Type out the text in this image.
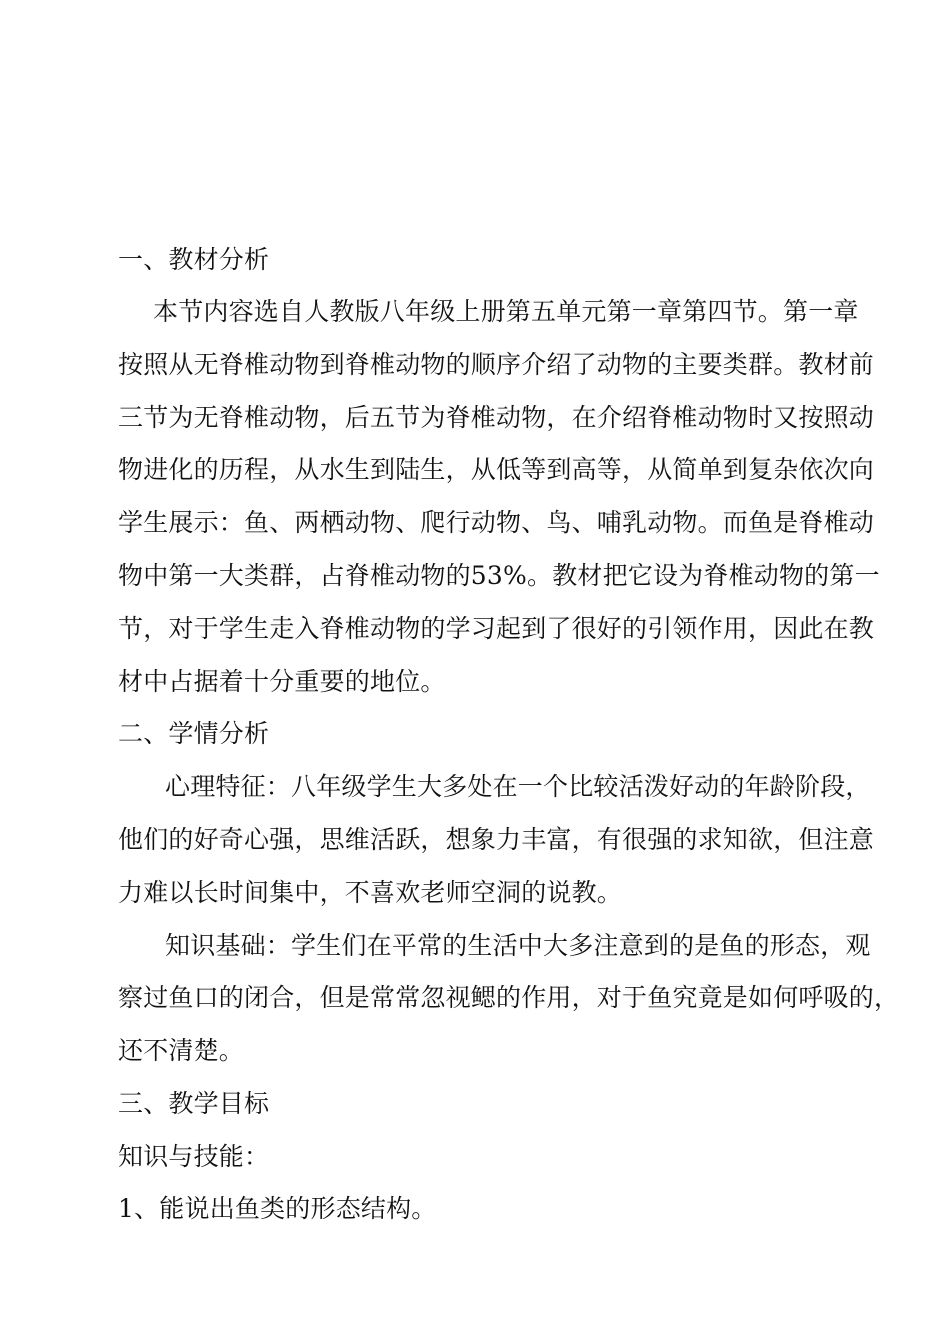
一、教材分析
本节内容选自人教版八年级上册第五单元第一章第四节。第一章
按照从无脊椎动物到脊椎动物的顺序介绍了动物的主要类群。教材前
三节为无脊椎动物，后五节为脊椎动物，在介绍脊椎动物时又按照动
物进化的历程，从水生到陆生，从低等到高等，从简单到复杂依次向
学生展示：鱼、两栖动物、爬行动物、鸟、哺乳动物。而鱼是脊椎动
物中第一大类群，占脊椎动物的53%。教材把它设为脊椎动物的第一
节，对于学生走入脊椎动物的学习起到了很好的引领作用，因此在教
材中占据着十分重要的地位。
二、学情分析
心理特征：八年级学生大多处在一个比较活泼好动的年龄阶段，
他们的好奇心强，思维活跃，想象力丰富，有很强的求知欲，但注意
力难以长时间集中，不喜欢老师空洞的说教。
知识基础：学生们在平常的生活中大多注意到的是鱼的形态，观
察过鱼口的闭合，但是常常忽视鳃的作用，对于鱼究竟是如何呼吸的，
还不清楚。
三、教学目标
知识与技能：
1、能说出鱼类的形态结构。
